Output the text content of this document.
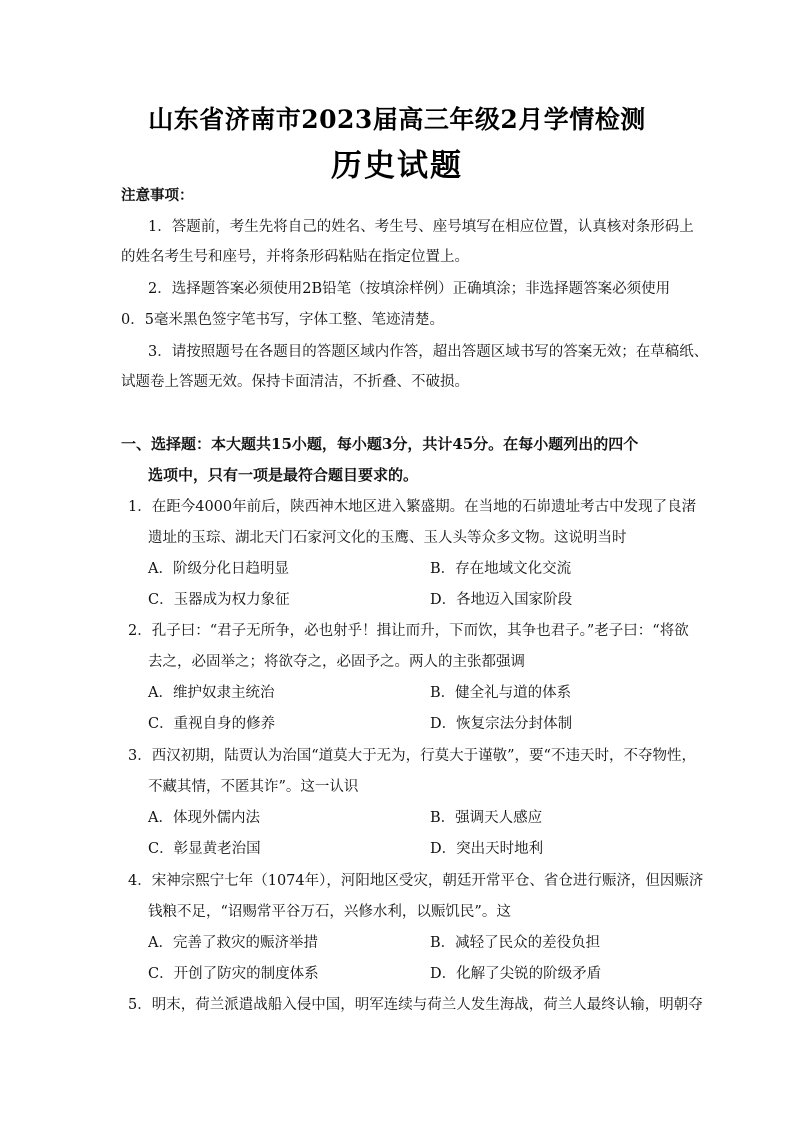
山东省济南市2023届高三年级2月学情检测
历史试题
注意事项：
1．答题前，考生先将自己的姓名、考生号、座号填写在相应位置，认真核对条形码上
的姓名考生号和座号，并将条形码粘贴在指定位置上。
2．选择题答案必须使用2B铅笔（按填涂样例）正确填涂；非选择题答案必须使用
0．5毫米黑色签字笔书写，字体工整、笔迹清楚。
3．请按照题号在各题目的答题区域内作答，超出答题区域书写的答案无效；在草稿纸、
试题卷上答题无效。保持卡面清洁，不折叠、不破损。
一、选择题：本大题共15小题，每小题3分，共计45分。在每小题列出的四个
选项中，只有一项是最符合题目要求的。
1．在距今4000年前后，陕西神木地区进入繁盛期。在当地的石峁遗址考古中发现了良渚
遗址的玉琮、湖北天门石家河文化的玉鹰、玉人头等众多文物。这说明当时
A．阶级分化日趋明显	B．存在地域文化交流
C．玉器成为权力象征	D．各地迈入国家阶段
2．孔子曰：“君子无所争，必也射乎！揖让而升，下而饮，其争也君子。”老子曰：“将欲
去之，必固举之；将欲夺之，必固予之。两人的主张都强调
A．维护奴隶主统治	B．健全礼与道的体系
C．重视自身的修养	D．恢复宗法分封体制
3．西汉初期，陆贾认为治国“道莫大于无为，行莫大于谨敬”，要“不违天时，不夺物性，
不藏其情，不匿其诈”。这一认识
A．体现外儒内法	B．强调天人感应
C．彰显黄老治国	D．突出天时地利
4．宋神宗熙宁七年（1074年），河阳地区受灾，朝廷开常平仓、省仓进行赈济，但因赈济
钱粮不足，“诏赐常平谷万石，兴修水利，以赈饥民”。这
A．完善了救灾的赈济举措	B．减轻了民众的差役负担
C．开创了防灾的制度体系	D．化解了尖锐的阶级矛盾
5．明末，荷兰派遣战船入侵中国，明军连续与荷兰人发生海战，荷兰人最终认输，明朝夺
